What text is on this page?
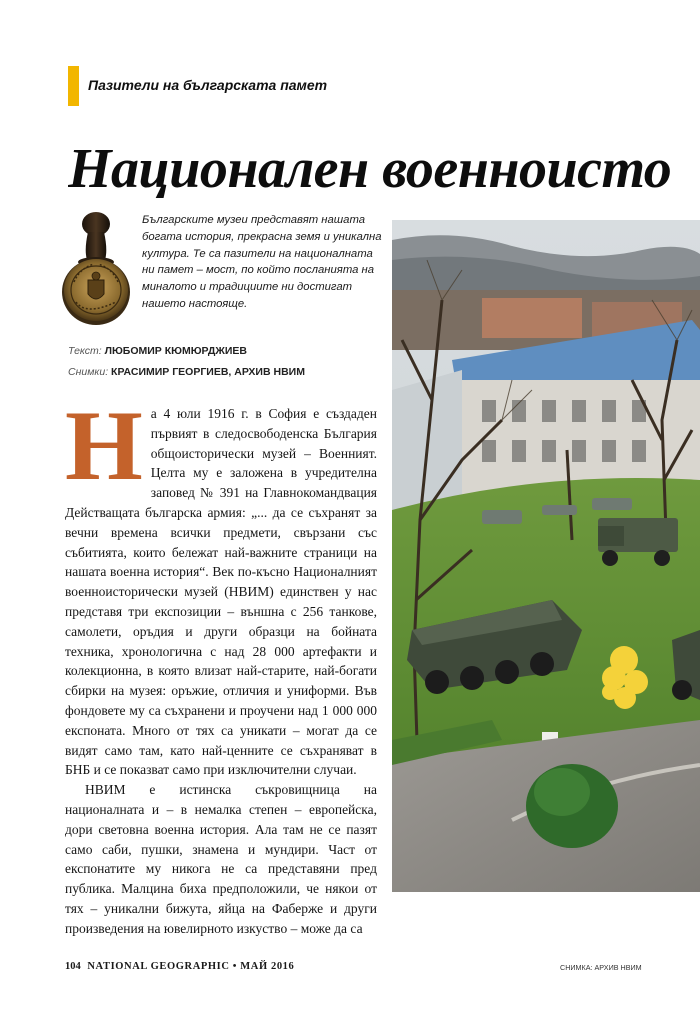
Пазители на българската памет
Национален военноисто

Българските музеи представят нашата богата история, прекрасна земя и уникална култура. Те са пазители на националната ни памет – мост, по който посланията на миналото и традициите ни достигат нашето настояще.

Текст: ЛЮБОМИР КЮМЮРДЖИЕВ
Снимки: КРАСИМИР ГЕОРГИЕВ, АРХИВ НВИМ

На 4 юли 1916 г. в София е създаден първият в следосвободенска България общоисторически музей – Военният. Целта му е заложена в учредителна заповед № 391 на Главнокомандвация Действащата българска армия: „... да се съхранят за вечни времена всички предмети, свързани със събитията, които бележат най-важните страници на нашата военна история“. Век по-късно Националният военноисторически музей (НВИМ) единствен у нас представя три експозиции – външна с 256 танкове, самолети, оръдия и други образци на бойната техника, хронологична с над 28 000 артефакти и колекционна, в която влизат най-старите, най-богати сбирки на музея: оръжие, отличия и униформи. Във фондовете му са съхранени и проучени над 1 000 000 експоната. Много от тях са уникати – могат да се видят само там, като най-ценните се съхраняват в БНБ и се показват само при изключителни случаи.

НВИМ е истинска съкровищница на националната и – в немалка степен – европейска, дори световна военна история. Ала там не се пазят само саби, пушки, знамена и мундири. Част от експонатите му никога не са представяни пред публика. Малцина биха предположили, че някои от тях – уникални бижута, яйца на Фаберже и други произведения на ювелирното изкуство – може да са

104 NATIONAL GEOGRAPHIC • МАЙ 2016	СНИМКА: АРХИВ НВИМ
